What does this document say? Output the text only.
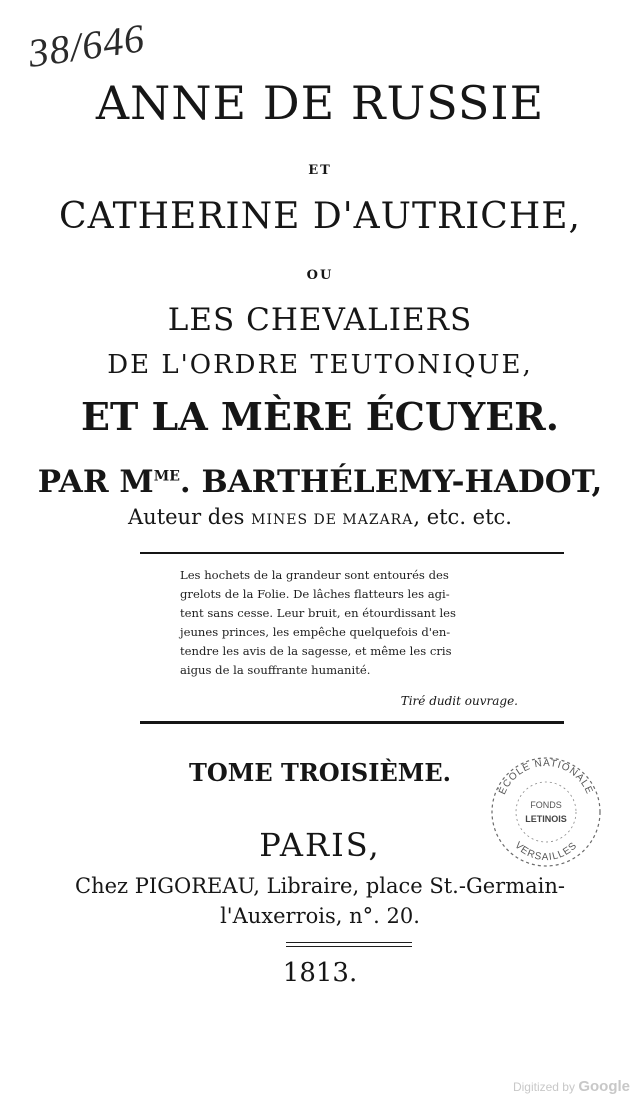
38/646
ANNE DE RUSSIE
ET
CATHERINE D'AUTRICHE,
OU
LES CHEVALIERS
DE L'ORDRE TEUTONIQUE,
ET LA MÈRE ÉCUYER.
PAR $M^{ME}$. BARTHÉLEMY-HADOT,
Auteur des MINES DE MAZARA, etc. etc.
Les hochets de la grandeur sont entourés des
grelots de la Folie. De lâches flatteurs les agi-
tent sans cesse. Leur bruit, en étourdissant les
jeunes princes, les empêche quelquefois d'en-
tendre les avis de la sagesse, et même les cris
aigus de la souffrante humanité.
Tiré dudit ouvrage.
TOME TROISIÈME.
ÉCOLE NATIONALE
VERSAILLES
FONDS
LETINOIS
PARIS,
Chez PIGOREAU, Libraire, place St.-Germain-
l'Auxerrois, n°. 20.
1813.
Digitized by Google
